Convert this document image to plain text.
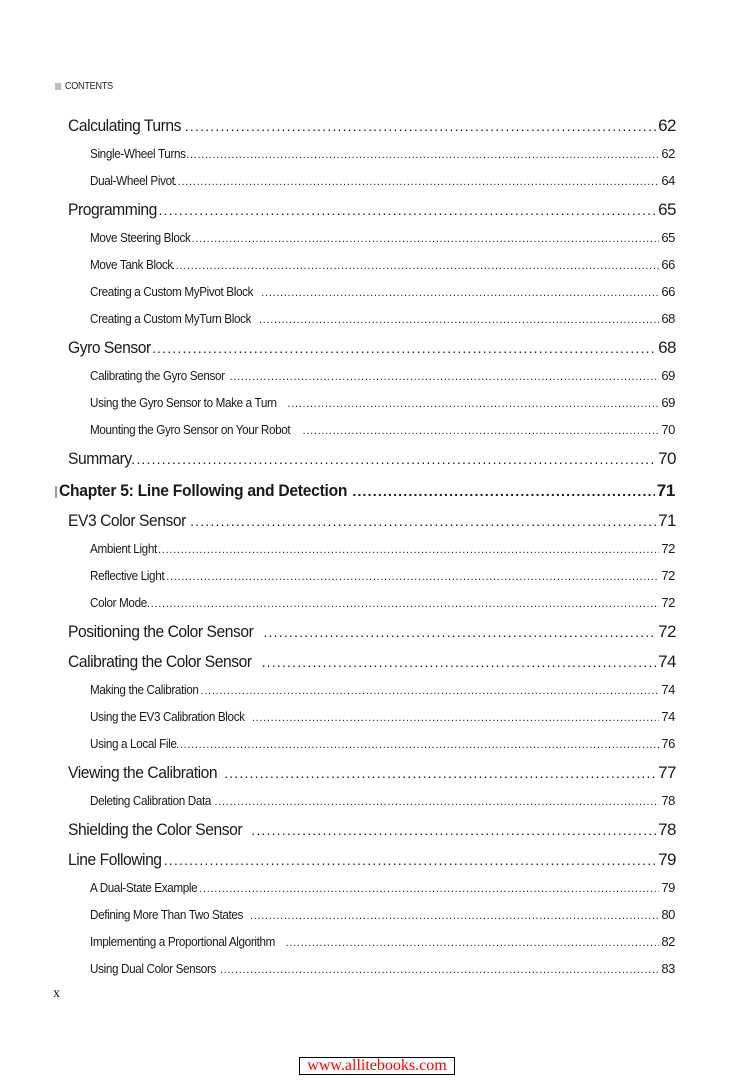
CONTENTS
Calculating Turns .....	62
Single-Wheel Turns .....	62
Dual-Wheel Pivot .....	64
Programming .....	65
Move Steering Block .....	65
Move Tank Block .....	66
Creating a Custom MyPivot Block .....	66
Creating a Custom MyTurn Block .....	68
Gyro Sensor .....	68
Calibrating the Gyro Sensor .....	69
Using the Gyro Sensor to Make a Turn .....	69
Mounting the Gyro Sensor on Your Robot .....	70
Summary .....	70
Chapter 5: Line Following and Detection .....	71
EV3 Color Sensor .....	71
Ambient Light .....	72
Reflective Light .....	72
Color Mode .....	72
Positioning the Color Sensor .....	72
Calibrating the Color Sensor .....	74
Making the Calibration .....	74
Using the EV3 Calibration Block .....	74
Using a Local File .....	76
Viewing the Calibration .....	77
Deleting Calibration Data .....	78
Shielding the Color Sensor .....	78
Line Following .....	79
A Dual-State Example .....	79
Defining More Than Two States .....	80
Implementing a Proportional Algorithm .....	82
Using Dual Color Sensors .....	83
x
www.allitebooks.com
